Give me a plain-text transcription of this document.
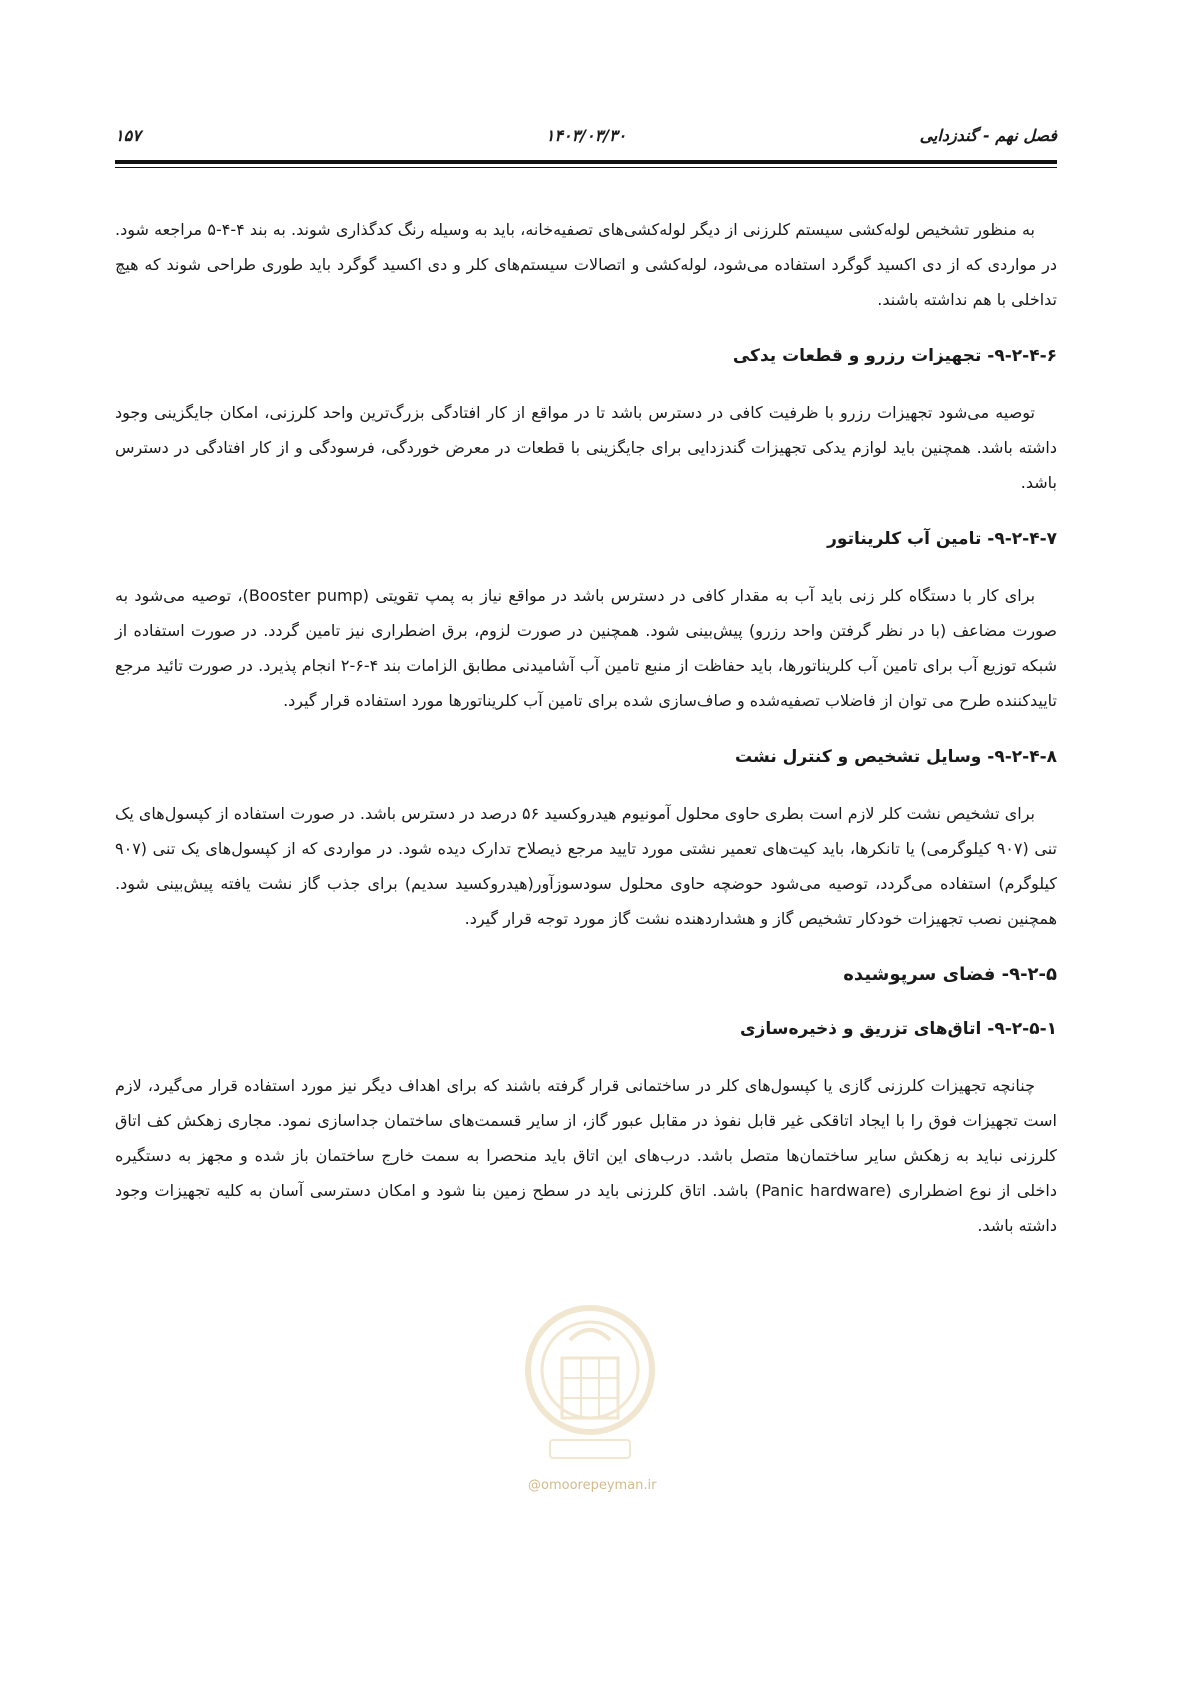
فصل نهم - گندزدایی
۱۴۰۳/۰۳/۳۰
۱۵۷

به منظور تشخیص لوله‌کشی سیستم کلرزنی از دیگر لوله‌کشی‌های تصفیه‌خانه، باید به وسیله رنگ کدگذاری شوند. به بند ۴-۴-۵ مراجعه شود. در مواردی که از دی اکسید گوگرد استفاده می‌شود، لوله‌کشی و اتصالات سیستم‌های کلر و دی اکسید گوگرد باید طوری طراحی شوند که هیچ تداخلی با هم نداشته باشند.

۹-۲-۴-۶- تجهیزات رزرو و قطعات یدکی

توصیه می‌شود تجهیزات رزرو با ظرفیت کافی در دسترس باشد تا در مواقع از کار افتادگی بزرگ‌ترین واحد کلرزنی، امکان جایگزینی وجود داشته باشد. همچنین باید لوازم یدکی تجهیزات گندزدایی برای جایگزینی با قطعات در معرض خوردگی، فرسودگی و از کار افتادگی در دسترس باشد.

۹-۲-۴-۷- تامین آب کلریناتور

برای کار با دستگاه کلر زنی باید آب به مقدار کافی در دسترس باشد در مواقع نیاز به پمپ تقویتی (Booster pump)، توصیه می‌شود به صورت مضاعف (با در نظر گرفتن واحد رزرو) پیش‌بینی شود. همچنین در صورت لزوم، برق اضطراری نیز تامین گردد. در صورت استفاده از شبکه توزیع آب برای تامین آب کلریناتورها، باید حفاظت از منبع تامین آب آشامیدنی مطابق الزامات بند ۴-۶-۲ انجام پذیرد. در صورت تائید مرجع تاییدکننده طرح می توان از فاضلاب تصفیه‌شده و صاف‌سازی شده برای تامین آب کلریناتورها مورد استفاده قرار گیرد.

۹-۲-۴-۸- وسایل تشخیص و کنترل نشت

برای تشخیص نشت کلر لازم است بطری حاوی محلول آمونیوم هیدروکسید ۵۶ درصد در دسترس باشد. در صورت استفاده از کپسول‌های یک تنی (۹۰۷ کیلوگرمی) یا تانکرها، باید کیت‌های تعمیر نشتی مورد تایید مرجع ذیصلاح تدارک دیده شود. در مواردی که از کپسول‌های یک تنی (۹۰۷ کیلوگرم) استفاده می‌گردد، توصیه می‌شود حوضچه حاوی محلول سودسوزآور(هیدروکسید سدیم) برای جذب گاز نشت یافته پیش‌بینی شود. همچنین نصب تجهیزات خودکار تشخیص گاز و هشداردهنده نشت گاز مورد توجه قرار گیرد.

۹-۲-۵- فضای سرپوشیده
۹-۲-۵-۱- اتاق‌های تزریق و ذخیره‌سازی

چنانچه تجهیزات کلرزنی گازی یا کپسول‌های کلر در ساختمانی قرار گرفته باشند که برای اهداف دیگر نیز مورد استفاده قرار می‌گیرد، لازم است تجهیزات فوق را با ایجاد اتاقکی غیر قابل نفوذ در مقابل عبور گاز، از سایر قسمت‌های ساختمان جداسازی نمود. مجاری زهکش کف اتاق کلرزنی نباید به زهکش سایر ساختمان‌ها متصل باشد. درب‌های این اتاق باید منحصرا به سمت خارج ساختمان باز شده و مجهز به دستگیره داخلی از نوع اضطراری (Panic hardware) باشد. اتاق کلرزنی باید در سطح زمین بنا شود و امکان دسترسی آسان به کلیه تجهیزات وجود داشته باشد.

@omoorepeyman.ir
